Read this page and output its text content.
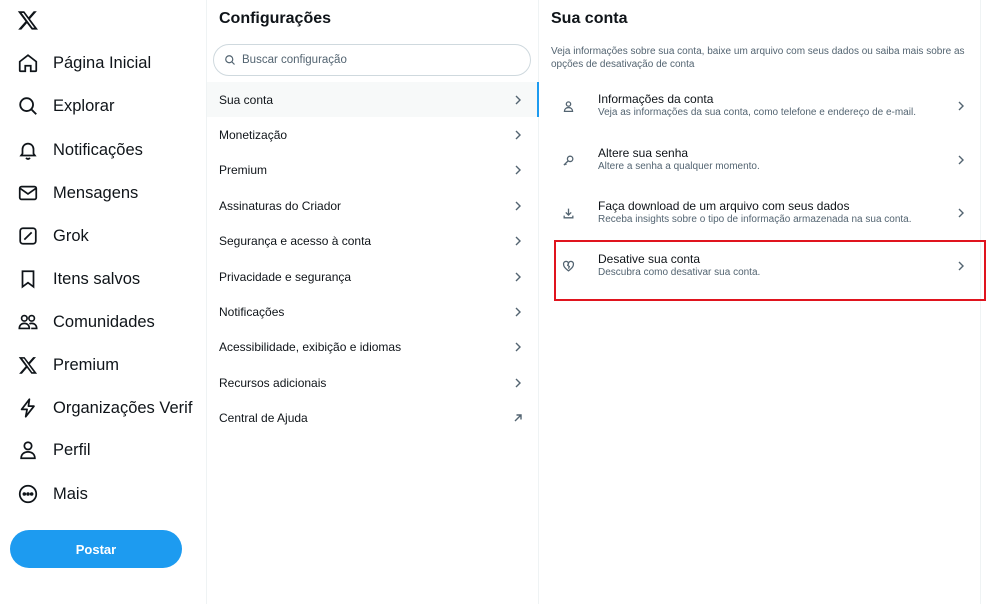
Página Inicial
Explorar
Notificações
Mensagens
Grok
Itens salvos
Comunidades
Premium
Organizações Verif
Perfil
Mais
Postar
Configurações
Buscar configuração
Sua conta
Monetização
Premium
Assinaturas do Criador
Segurança e acesso à conta
Privacidade e segurança
Notificações
Acessibilidade, exibição e idiomas
Recursos adicionais
Central de Ajuda
Sua conta
Veja informações sobre sua conta, baixe um arquivo com seus dados ou saiba mais sobre as opções de desativação de conta
Informações da conta
Veja as informações da sua conta, como telefone e endereço de e-mail.
Altere sua senha
Altere a senha a qualquer momento.
Faça download de um arquivo com seus dados
Receba insights sobre o tipo de informação armazenada na sua conta.
Desative sua conta
Descubra como desativar sua conta.
